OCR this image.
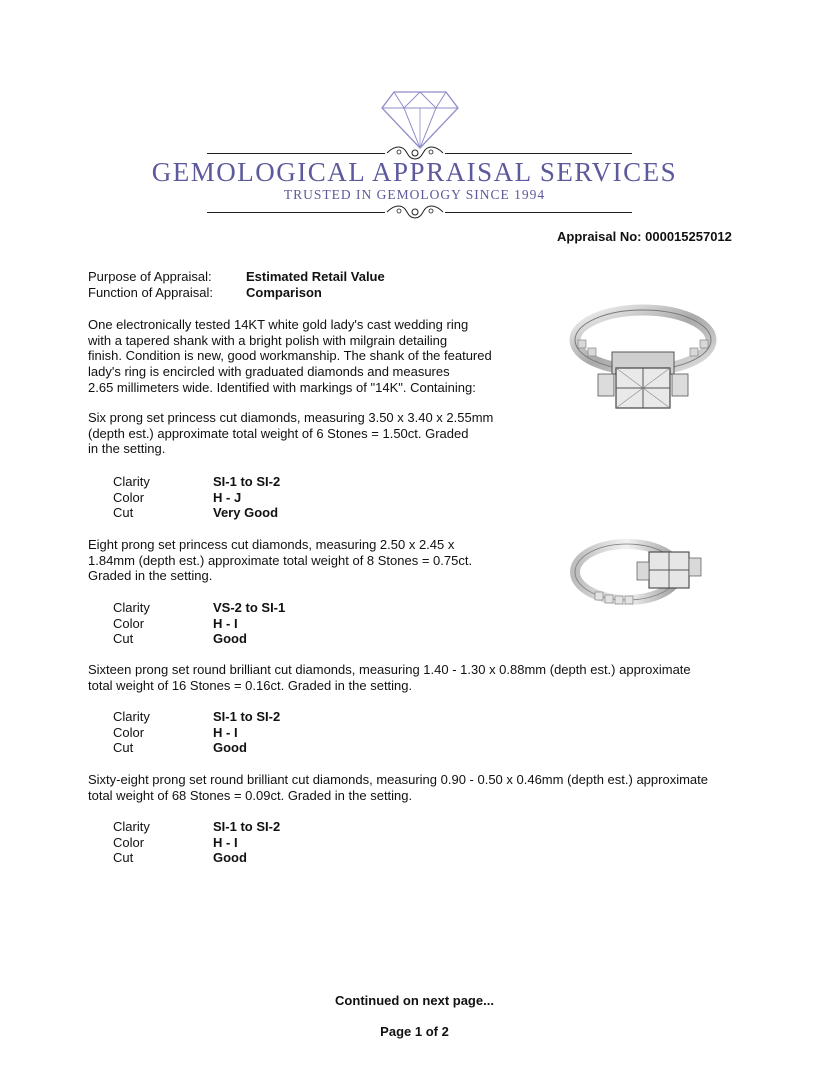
GEMOLOGICAL APPRAISAL SERVICES
TRUSTED IN GEMOLOGY SINCE 1994
Appraisal No: 000015257012
Purpose of Appraisal:	Estimated Retail Value
Function of Appraisal:	Comparison
One electronically tested 14KT white gold lady's cast wedding ring
with a tapered shank with a bright polish with milgrain detailing
finish. Condition is new, good workmanship. The shank of the featured
lady's ring is encircled with graduated diamonds and measures
2.65 millimeters wide. Identified with markings of "14K". Containing:
Six prong set princess cut diamonds, measuring 3.50 x 3.40 x 2.55mm
(depth est.) approximate total weight of 6 Stones = 1.50ct. Graded
in the setting.
Clarity
Color
Cut
SI-1 to SI-2
H - J
Very Good
Eight prong set princess cut diamonds, measuring 2.50 x 2.45 x
1.84mm (depth est.) approximate total weight of 8 Stones = 0.75ct.
Graded in the setting.
Clarity
Color
Cut
VS-2 to SI-1
H - I
Good
Sixteen prong set round brilliant cut diamonds, measuring 1.40 - 1.30 x 0.88mm (depth est.) approximate
total weight of 16 Stones = 0.16ct. Graded in the setting.
Clarity
Color
Cut
SI-1 to SI-2
H - I
Good
Sixty-eight prong set round brilliant cut diamonds, measuring 0.90 - 0.50 x 0.46mm (depth est.) approximate
total weight of 68 Stones = 0.09ct. Graded in the setting.
Clarity
Color
Cut
SI-1 to SI-2
H - I
Good
Continued on next page...
Page 1 of 2
